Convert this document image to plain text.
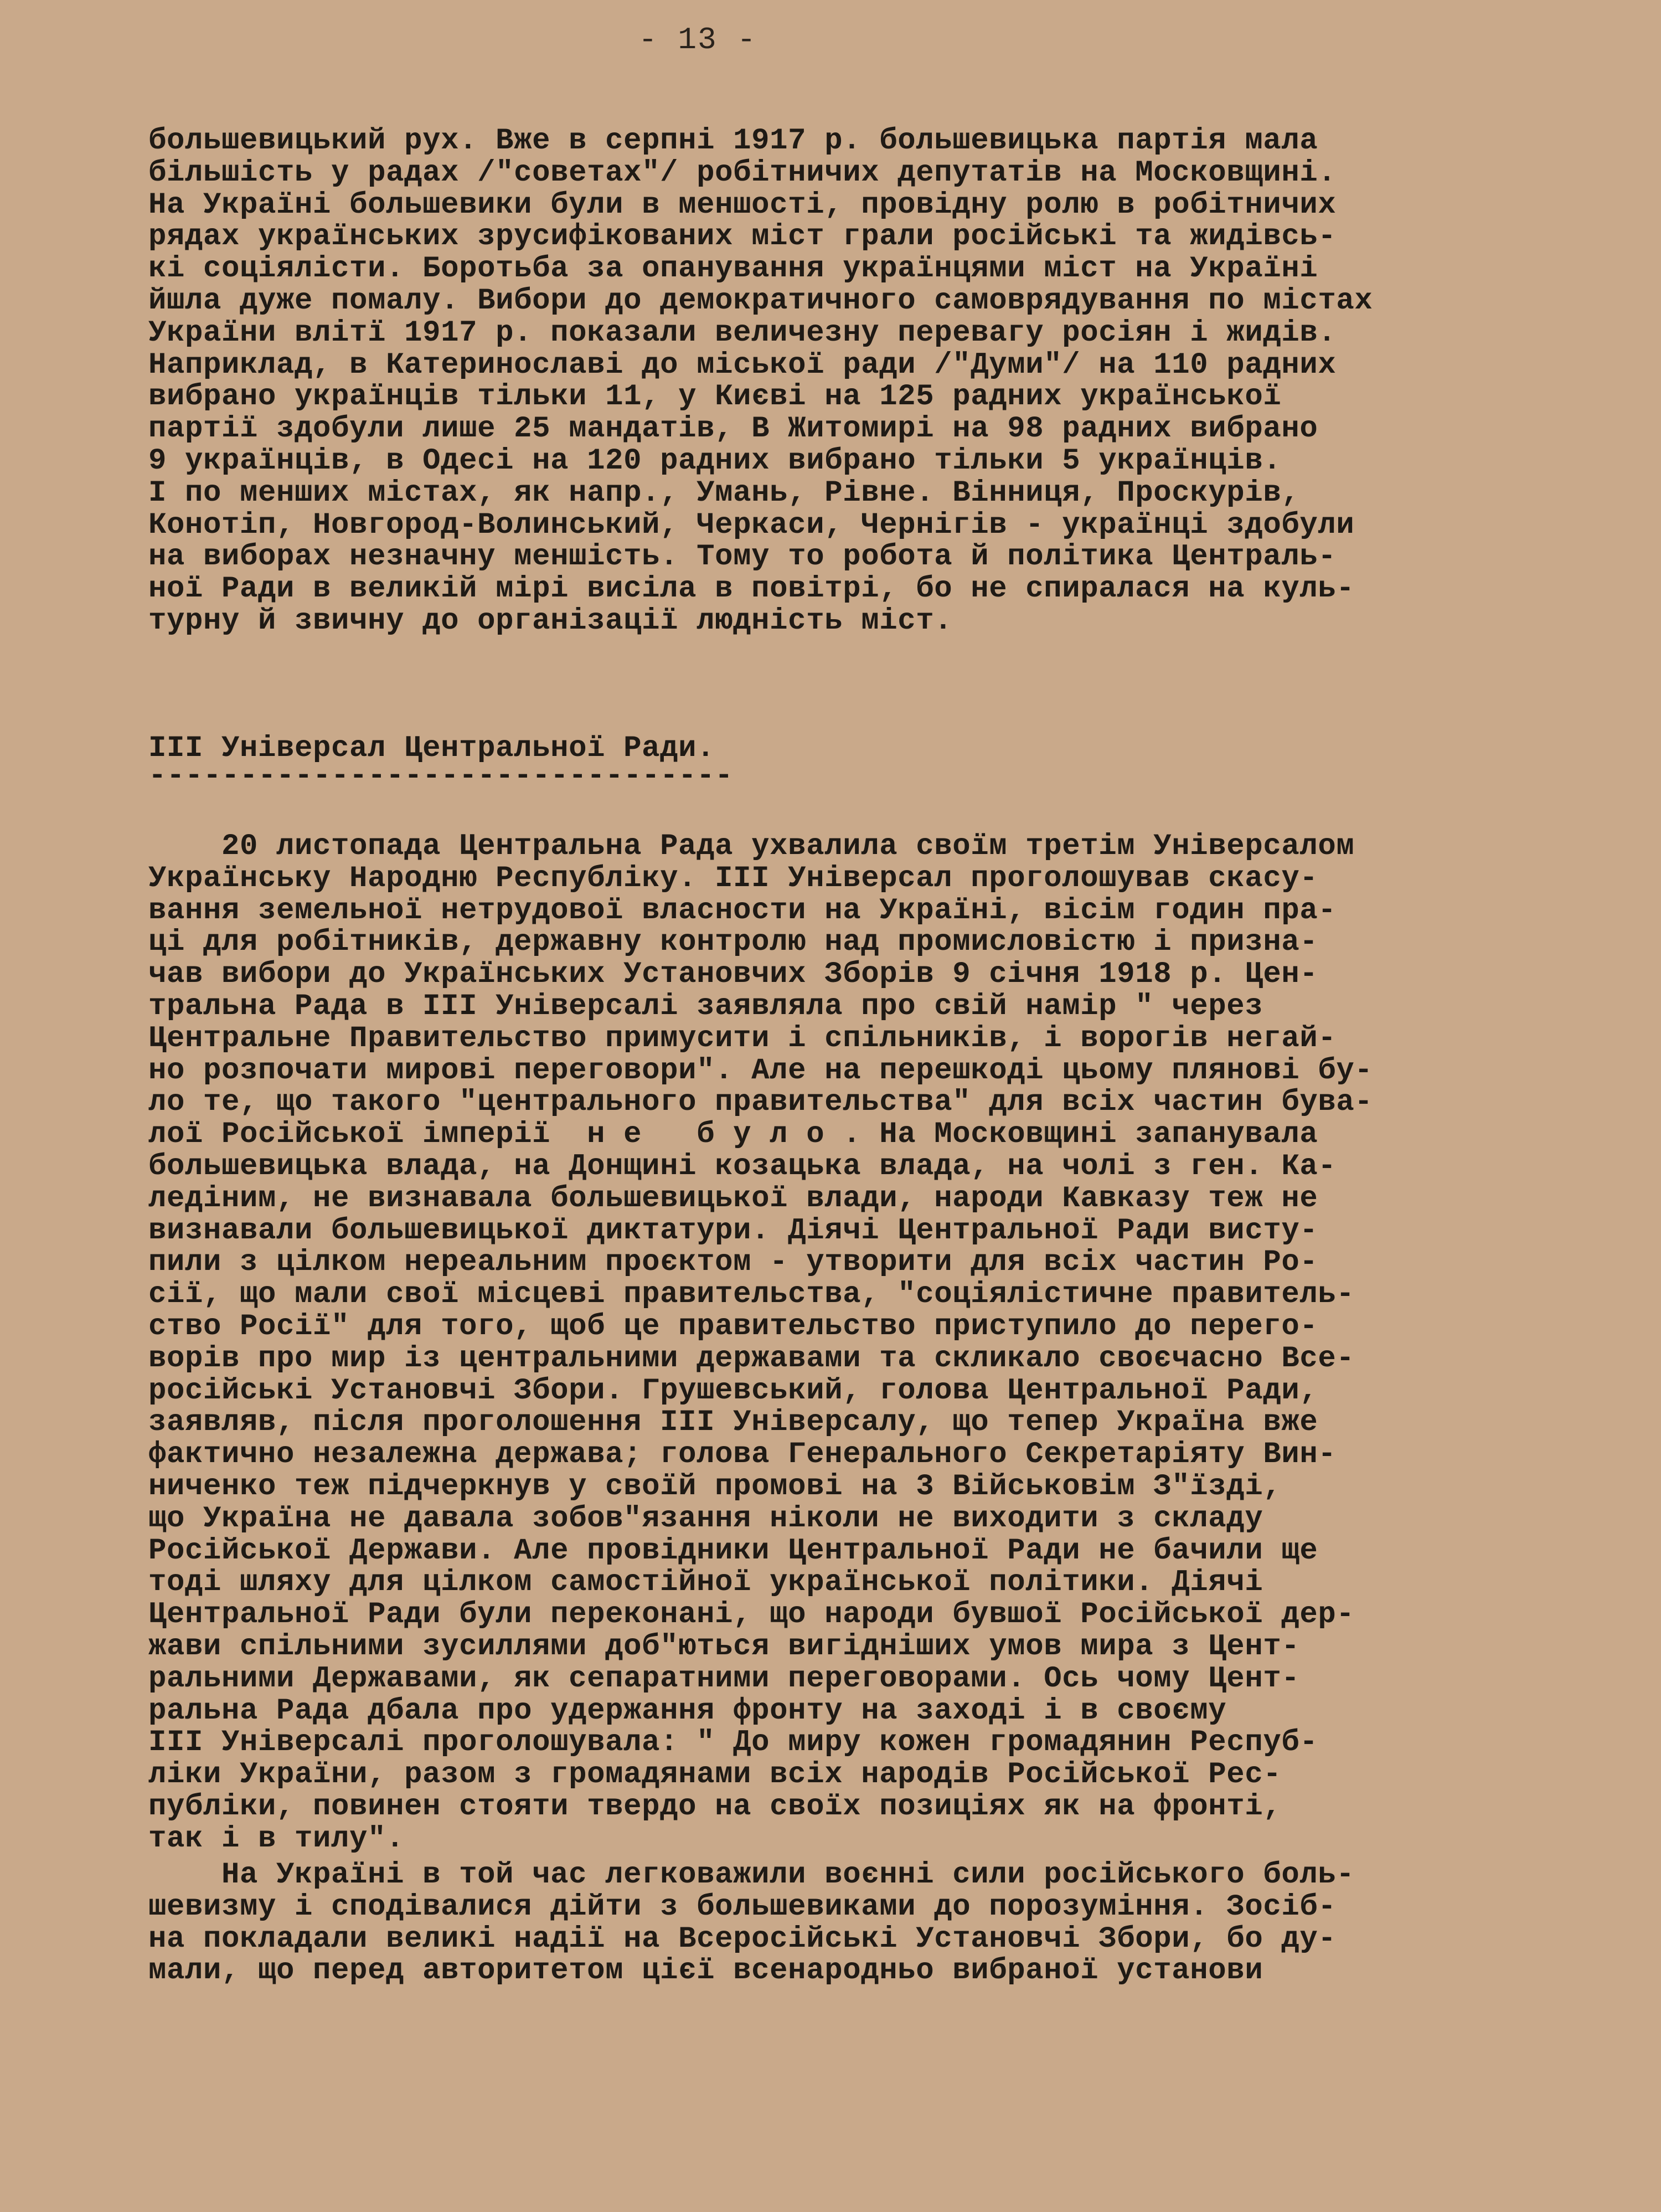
- 13 -
большевицький рух. Вже в серпні 1917 р. большевицька партія мала
більшість у радах /"советах"/ робітничих депутатів на Московщині.
На Україні большевики були в меншості, провідну ролю в робітничих
рядах українських зрусифікованих міст грали російські та жидівсь-
кі соціялісти. Боротьба за опанування українцями міст на Україні
йшла дуже помалу. Вибори до демократичного самоврядування по містах
України влітї 1917 р. показали величезну перевагу росіян і жидів.
Наприклад, в Катеринославі до міської ради /"Думи"/ на 110 радних
вибрано українців тільки 11, у Києві на 125 радних української
партії здобули лише 25 мандатів, В Житомирі на 98 радних вибрано
9 українців, в Одесі на 120 радних вибрано тільки 5 українців.
І по менших містах, як напр., Умань, Рівне. Вінниця, Проскурів,
Конотіп, Новгород-Волинський, Черкаси, Чернігів - українці здобули
на виборах незначну меншість. Тому то робота й політика Централь-
ної Ради в великій мірі висіла в повітрі, бо не спиралася на куль-
турну й звичну до організації людність міст.
ІІІ Універсал Центральної Ради.
--------------------------------
20 листопада Центральна Рада ухвалила своїм третім Універсалом
Українську Народню Республіку. ІІІ Універсал проголошував скасу-
вання земельної нетрудової власности на Україні, вісім годин пра-
ці для робітників, державну контролю над промисловістю і призна-
чав вибори до Українських Установчих Зборів 9 січня 1918 р. Цен-
тральна Рада в ІІІ Універсалі заявляла про свій намір " через
Центральне Правительство примусити і спільників, і ворогів негай-
но розпочати мирові переговори". Але на перешкоді цьому плянові бу-
ло те, що такого "центрального правительства" для всіх частин бува-
лої Російської імперії  н е   б у л о . На Московщині запанувала
большевицька влада, на Донщині козацька влада, на чолі з ген. Ка-
ледіним, не визнавала большевицької влади, народи Кавказу теж не
визнавали большевицької диктатури. Діячі Центральної Ради висту-
пили з цілком нереальним проєктом - утворити для всіх частин Ро-
сії, що мали свої місцеві правительства, "соціялістичне правитель-
ство Росії" для того, щоб це правительство приступило до перего-
ворів про мир із центральними державами та скликало своєчасно Все-
російські Установчі Збори. Грушевський, голова Центральної Ради,
заявляв, після проголошення ІІІ Універсалу, що тепер Україна вже
фактично незалежна держава; голова Генерального Секретаріяту Вин-
ниченко теж підчеркнув у своїй промові на 3 Військовім З"їзді,
що Україна не давала зобов"язання ніколи не виходити з складу
Російської Держави. Але провідники Центральної Ради не бачили ще
тоді шляху для цілком самостійної української політики. Діячі
Центральної Ради були переконані, що народи бувшої Російської дер-
жави спільними зусиллями доб"ються вигідніших умов мира з Цент-
ральними Державами, як сепаратними переговорами. Ось чому Цент-
ральна Рада дбала про удержання фронту на заході і в своєму
ІІІ Універсалі проголошувала: " До миру кожен громадянин Респуб-
ліки України, разом з громадянами всіх народів Російської Рес-
публіки, повинен стояти твердо на своїх позиціях як на фронті,
так і в тилу".
На Україні в той час легковажили воєнні сили російського боль-
шевизму і сподівалися дійти з большевиками до порозуміння. Зосіб-
на покладали великі надії на Всеросійські Установчі Збори, бо ду-
мали, що перед авторитетом цієї всенародньо вибраної установи
